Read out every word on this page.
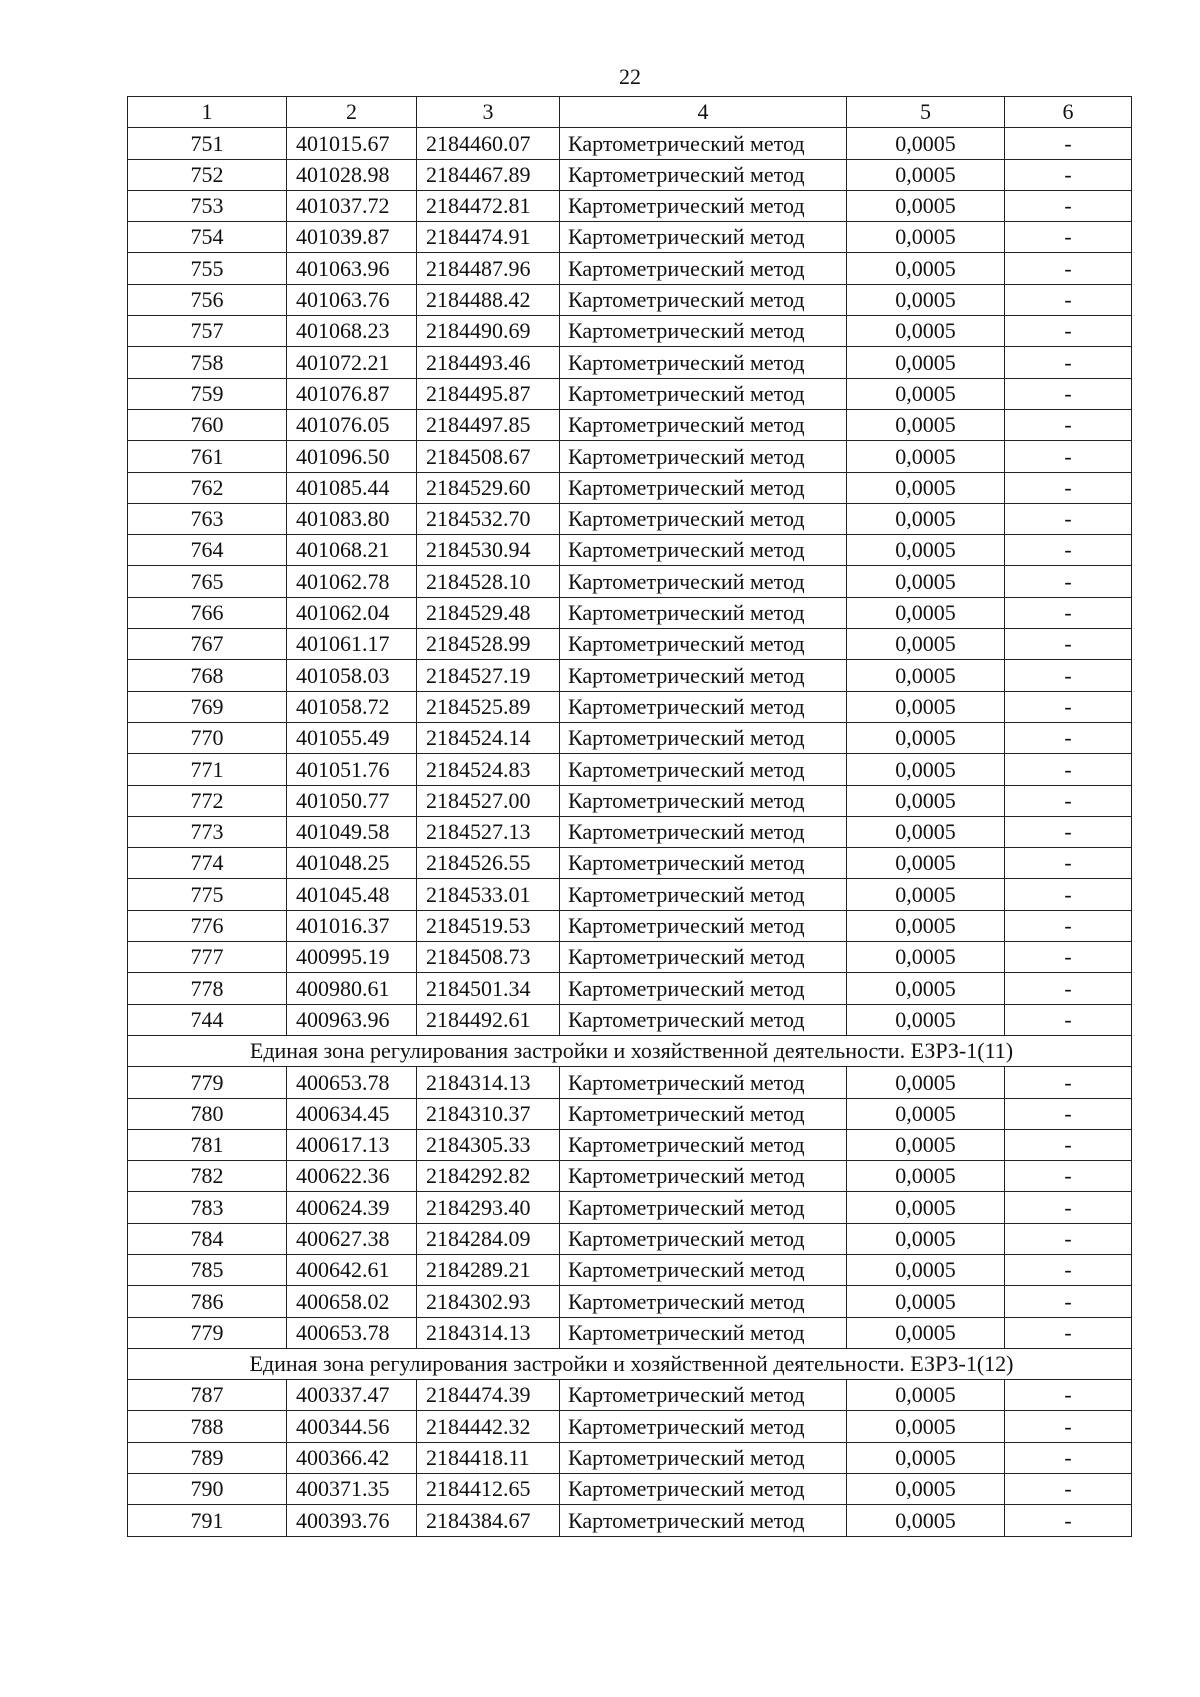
22
1	2	3	4	5	6
751	401015.67	2184460.07	Картометрический метод	0,0005	-
752	401028.98	2184467.89	Картометрический метод	0,0005	-
753	401037.72	2184472.81	Картометрический метод	0,0005	-
754	401039.87	2184474.91	Картометрический метод	0,0005	-
755	401063.96	2184487.96	Картометрический метод	0,0005	-
756	401063.76	2184488.42	Картометрический метод	0,0005	-
757	401068.23	2184490.69	Картометрический метод	0,0005	-
758	401072.21	2184493.46	Картометрический метод	0,0005	-
759	401076.87	2184495.87	Картометрический метод	0,0005	-
760	401076.05	2184497.85	Картометрический метод	0,0005	-
761	401096.50	2184508.67	Картометрический метод	0,0005	-
762	401085.44	2184529.60	Картометрический метод	0,0005	-
763	401083.80	2184532.70	Картометрический метод	0,0005	-
764	401068.21	2184530.94	Картометрический метод	0,0005	-
765	401062.78	2184528.10	Картометрический метод	0,0005	-
766	401062.04	2184529.48	Картометрический метод	0,0005	-
767	401061.17	2184528.99	Картометрический метод	0,0005	-
768	401058.03	2184527.19	Картометрический метод	0,0005	-
769	401058.72	2184525.89	Картометрический метод	0,0005	-
770	401055.49	2184524.14	Картометрический метод	0,0005	-
771	401051.76	2184524.83	Картометрический метод	0,0005	-
772	401050.77	2184527.00	Картометрический метод	0,0005	-
773	401049.58	2184527.13	Картометрический метод	0,0005	-
774	401048.25	2184526.55	Картометрический метод	0,0005	-
775	401045.48	2184533.01	Картометрический метод	0,0005	-
776	401016.37	2184519.53	Картометрический метод	0,0005	-
777	400995.19	2184508.73	Картометрический метод	0,0005	-
778	400980.61	2184501.34	Картометрический метод	0,0005	-
744	400963.96	2184492.61	Картометрический метод	0,0005	-
Единая зона регулирования застройки и хозяйственной деятельности. ЕЗРЗ-1(11)					
779	400653.78	2184314.13	Картометрический метод	0,0005	-
780	400634.45	2184310.37	Картометрический метод	0,0005	-
781	400617.13	2184305.33	Картометрический метод	0,0005	-
782	400622.36	2184292.82	Картометрический метод	0,0005	-
783	400624.39	2184293.40	Картометрический метод	0,0005	-
784	400627.38	2184284.09	Картометрический метод	0,0005	-
785	400642.61	2184289.21	Картометрический метод	0,0005	-
786	400658.02	2184302.93	Картометрический метод	0,0005	-
779	400653.78	2184314.13	Картометрический метод	0,0005	-
Единая зона регулирования застройки и хозяйственной деятельности. ЕЗРЗ-1(12)					
787	400337.47	2184474.39	Картометрический метод	0,0005	-
788	400344.56	2184442.32	Картометрический метод	0,0005	-
789	400366.42	2184418.11	Картометрический метод	0,0005	-
790	400371.35	2184412.65	Картометрический метод	0,0005	-
791	400393.76	2184384.67	Картометрический метод	0,0005	-
